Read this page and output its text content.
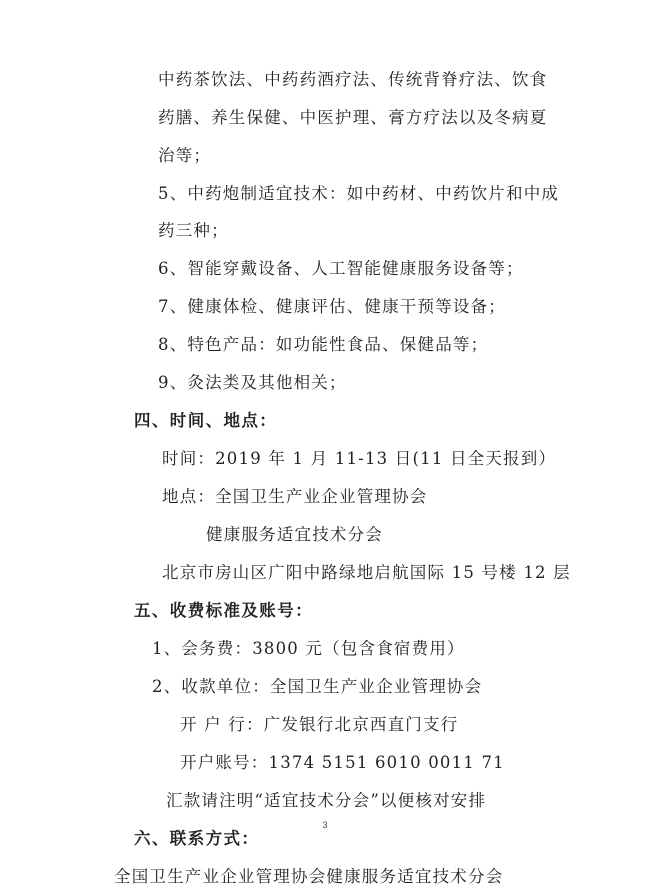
中药茶饮法、中药药酒疗法、传统背脊疗法、饮食
药膳、养生保健、中医护理、膏方疗法以及冬病夏
治等；
5、中药炮制适宜技术：如中药材、中药饮片和中成
药三种；
6、智能穿戴设备、人工智能健康服务设备等；
7、健康体检、健康评估、健康干预等设备；
8、特色产品：如功能性食品、保健品等；
9、灸法类及其他相关；
四、时间、地点：
时间：2019 年 1 月 11-13 日(11 日全天报到）
地点：全国卫生产业企业管理协会
健康服务适宜技术分会
北京市房山区广阳中路绿地启航国际 15 号楼 12 层
五、收费标准及账号：
1、会务费：3800 元（包含食宿费用）
2、收款单位：全国卫生产业企业管理协会
开 户 行：广发银行北京西直门支行
开户账号：1374 5151 6010 0011 71
汇款请注明“适宜技术分会”以便核对安排
六、联系方式：
全国卫生产业企业管理协会健康服务适宜技术分会
3
